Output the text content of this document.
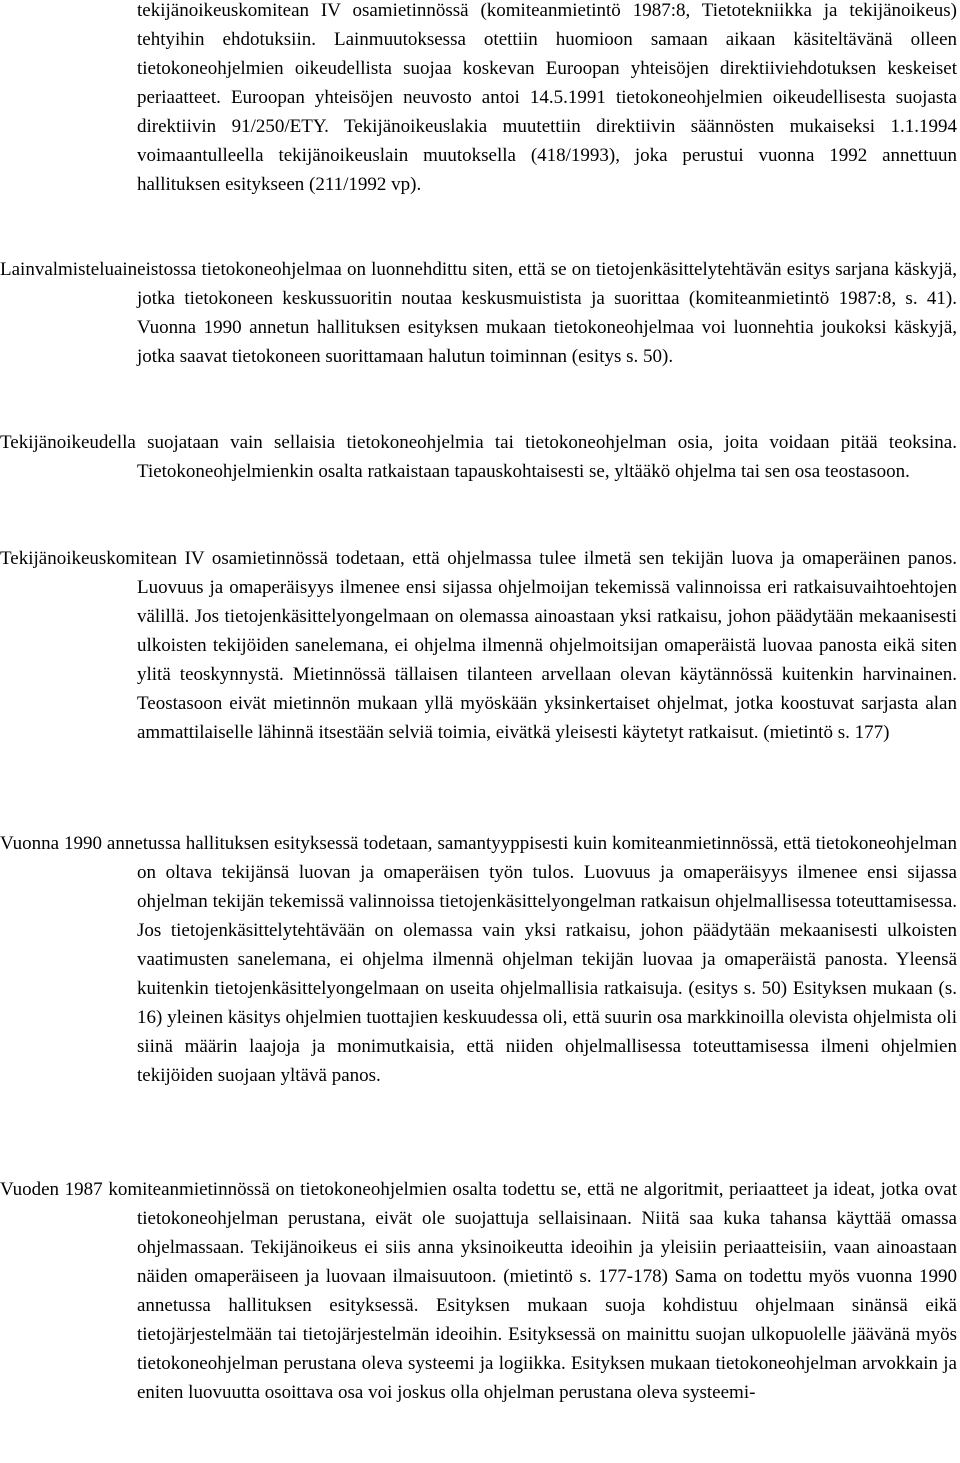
tekijänoikeuskomitean IV osamietinnössä (komiteanmietintö 1987:8, Tietotekniikka ja tekijänoikeus) tehtyihin ehdotuksiin. Lainmuutoksessa otettiin huomioon samaan aikaan käsiteltävänä olleen tietokoneohjelmien oikeudellista suojaa koskevan Euroopan yhteisöjen direktiiviehdotuksen keskeiset periaatteet. Euroopan yhteisöjen neuvosto antoi 14.5.1991 tietokoneohjelmien oikeudellisesta suojasta direktiivin 91/250/ETY. Tekijänoikeuslakia muutettiin direktiivin säännösten mukaiseksi 1.1.1994 voimaantulleella tekijänoikeuslain muutoksella (418/1993), joka perustui vuonna 1992 annettuun hallituksen esitykseen (211/1992 vp).

Lainvalmisteluaineistossa tietokoneohjelmaa on luonnehdittu siten, että se on tietojenkäsittelytehtävän esitys sarjana käskyjä, jotka tietokoneen keskussuoritin noutaa keskusmuistista ja suorittaa (komiteanmietintö 1987:8, s. 41). Vuonna 1990 annetun hallituksen esityksen mukaan tietokoneohjelmaa voi luonnehtia joukoksi käskyjä, jotka saavat tietokoneen suorittamaan halutun toiminnan (esitys s. 50).

Tekijänoikeudella suojataan vain sellaisia tietokoneohjelmia tai tietokoneohjelman osia, joita voidaan pitää teoksina. Tietokoneohjelmienkin osalta ratkaistaan tapauskohtaisesti se, yltääkö ohjelma tai sen osa teostasoon.

Tekijänoikeuskomitean IV osamietinnössä todetaan, että ohjelmassa tulee ilmetä sen tekijän luova ja omaperäinen panos. Luovuus ja omaperäisyys ilmenee ensi sijassa ohjelmoijan tekemissä valinnoissa eri ratkaisuvaihtoehtojen välillä. Jos tietojenkäsittelyongelmaan on olemassa ainoastaan yksi ratkaisu, johon päädytään mekaanisesti ulkoisten tekijöiden sanelemana, ei ohjelma ilmennä ohjelmoitsijan omaperäistä luovaa panosta eikä siten ylitä teoskynnystä. Mietinnössä tällaisen tilanteen arvellaan olevan käytännössä kuitenkin harvinainen. Teostasoon eivät mietinnön mukaan yllä myöskään yksinkertaiset ohjelmat, jotka koostuvat sarjasta alan ammattilaiselle lähinnä itsestään selviä toimia, eivätkä yleisesti käytetyt ratkaisut. (mietintö s. 177)

Vuonna 1990 annetussa hallituksen esityksessä todetaan, samantyyppisesti kuin komiteanmietinnössä, että tietokoneohjelman on oltava tekijänsä luovan ja omaperäisen työn tulos. Luovuus ja omaperäisyys ilmenee ensi sijassa ohjelman tekijän tekemissä valinnoissa tietojenkäsittelyongelman ratkaisun ohjelmallisessa toteuttamisessa. Jos tietojenkäsittelytehtävään on olemassa vain yksi ratkaisu, johon päädytään mekaanisesti ulkoisten vaatimusten sanelemana, ei ohjelma ilmennä ohjelman tekijän luovaa ja omaperäistä panosta. Yleensä kuitenkin tietojenkäsittelyongelmaan on useita ohjelmallisia ratkaisuja. (esitys s. 50) Esityksen mukaan (s. 16) yleinen käsitys ohjelmien tuottajien keskuudessa oli, että suurin osa markkinoilla olevista ohjelmista oli siinä määrin laajoja ja monimutkaisia, että niiden ohjelmallisessa toteuttamisessa ilmeni ohjelmien tekijöiden suojaan yltävä panos.

Vuoden 1987 komiteanmietinnössä on tietokoneohjelmien osalta todettu se, että ne algoritmit, periaatteet ja ideat, jotka ovat tietokoneohjelman perustana, eivät ole suojattuja sellaisinaan. Niitä saa kuka tahansa käyttää omassa ohjelmassaan. Tekijänoikeus ei siis anna yksinoikeutta ideoihin ja yleisiin periaatteisiin, vaan ainoastaan näiden omaperäiseen ja luovaan ilmaisuutoon. (mietintö s. 177-178) Sama on todettu myös vuonna 1990 annetussa hallituksen esityksessä. Esityksen mukaan suoja kohdistuu ohjelmaan sinänsä eikä tietojärjestelmään tai tietojärjestelmän ideoihin. Esityksessä on mainittu suojan ulkopuolelle jäävänä myös tietokoneohjelman perustana oleva systeemi ja logiikka. Esityksen mukaan tietokoneohjelman arvokkain ja eniten luovuutta osoittava osa voi joskus olla ohjelman perustana oleva systeemi-
